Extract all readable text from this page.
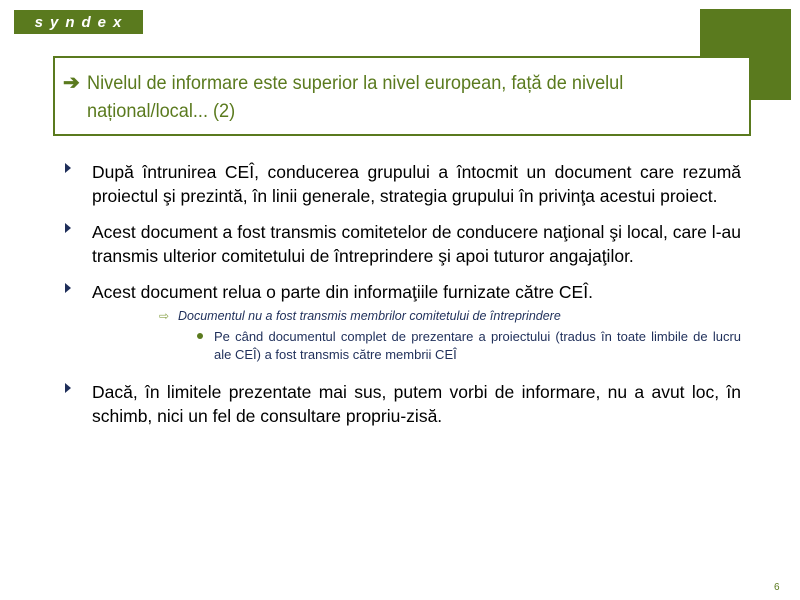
syndex
➔ Nivelul de informare este superior la nivel european, față de nivelul național/local... (2)
După întrunirea CEÎ, conducerea grupului a întocmit un document care rezumă proiectul şi prezintă, în linii generale, strategia grupului în privinţa acestui proiect.
Acest document a fost transmis comitetelor de conducere naţional şi local, care l-au transmis ulterior comitetului de întreprindere şi apoi tuturor angajaţilor.
Acest document relua o parte din informaţiile furnizate către CEÎ.
⇨ Documentul nu a fost transmis membrilor comitetului de întreprindere
Pe când documentul complet de prezentare a proiectului (tradus în toate limbile de lucru ale CEÎ) a fost transmis către membrii CEÎ
Dacă, în limitele prezentate mai sus, putem vorbi de informare, nu a avut loc, în schimb, nici un fel de consultare propriu-zisă.
6
